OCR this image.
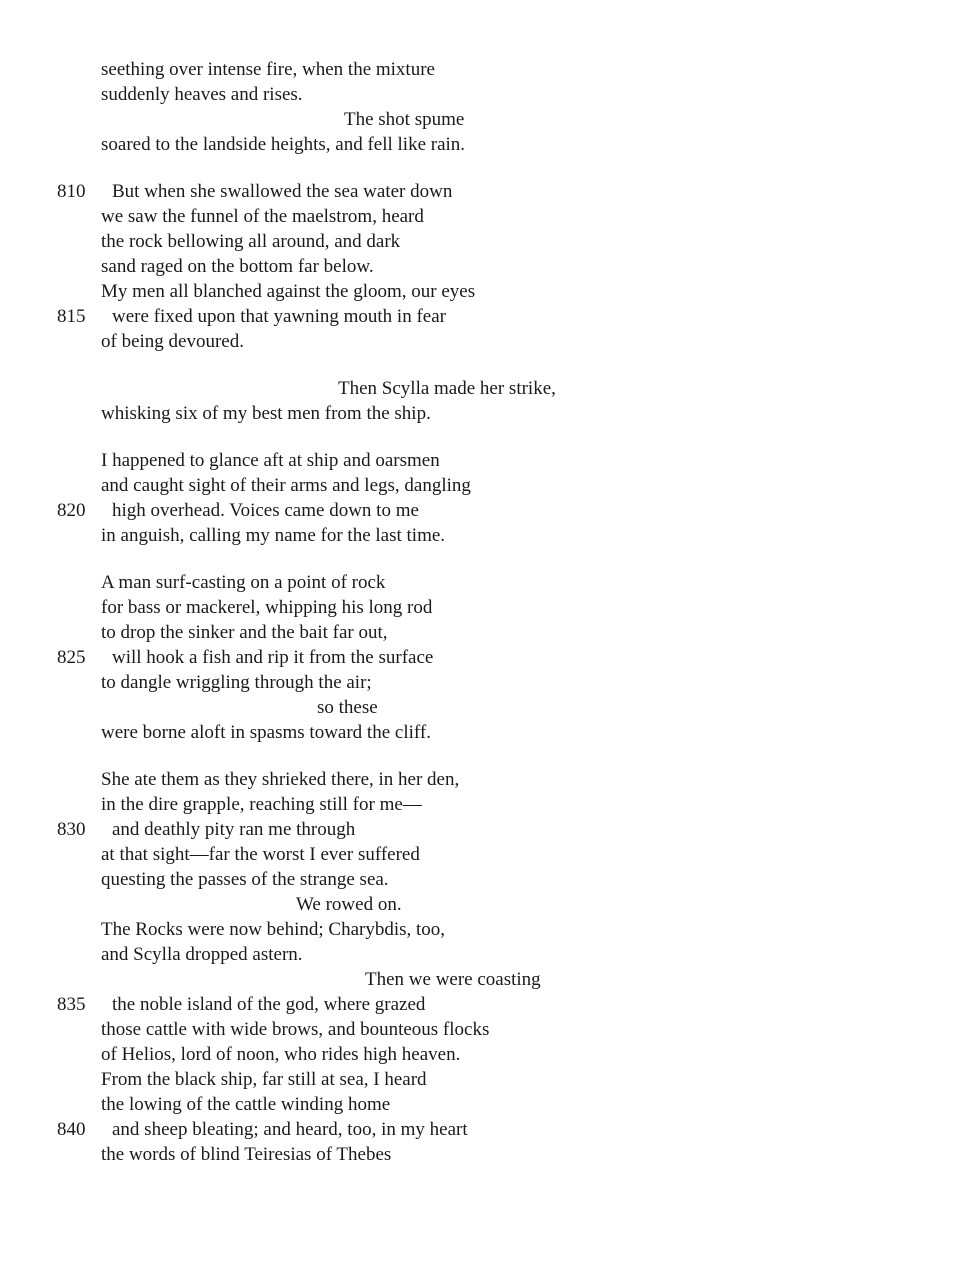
seething over intense fire, when the mixture
suddenly heaves and rises.
The shot spume
soared to the landside heights, and fell like rain.
810 But when she swallowed the sea water down
we saw the funnel of the maelstrom, heard
the rock bellowing all around, and dark
sand raged on the bottom far below.
My men all blanched against the gloom, our eyes
815 were fixed upon that yawning mouth in fear
of being devoured.
Then Scylla made her strike,
whisking six of my best men from the ship.
I happened to glance aft at ship and oarsmen
and caught sight of their arms and legs, dangling
820 high overhead. Voices came down to me
in anguish, calling my name for the last time.
A man surf-casting on a point of rock
for bass or mackerel, whipping his long rod
to drop the sinker and the bait far out,
825 will hook a fish and rip it from the surface
to dangle wriggling through the air;
so these
were borne aloft in spasms toward the cliff.
She ate them as they shrieked there, in her den,
in the dire grapple, reaching still for me—
830 and deathly pity ran me through
at that sight—far the worst I ever suffered
questing the passes of the strange sea.
We rowed on.
The Rocks were now behind; Charybdis, too,
and Scylla dropped astern.
Then we were coasting
835 the noble island of the god, where grazed
those cattle with wide brows, and bounteous flocks
of Helios, lord of noon, who rides high heaven.
From the black ship, far still at sea, I heard
the lowing of the cattle winding home
840 and sheep bleating; and heard, too, in my heart
the words of blind Teiresias of Thebes
